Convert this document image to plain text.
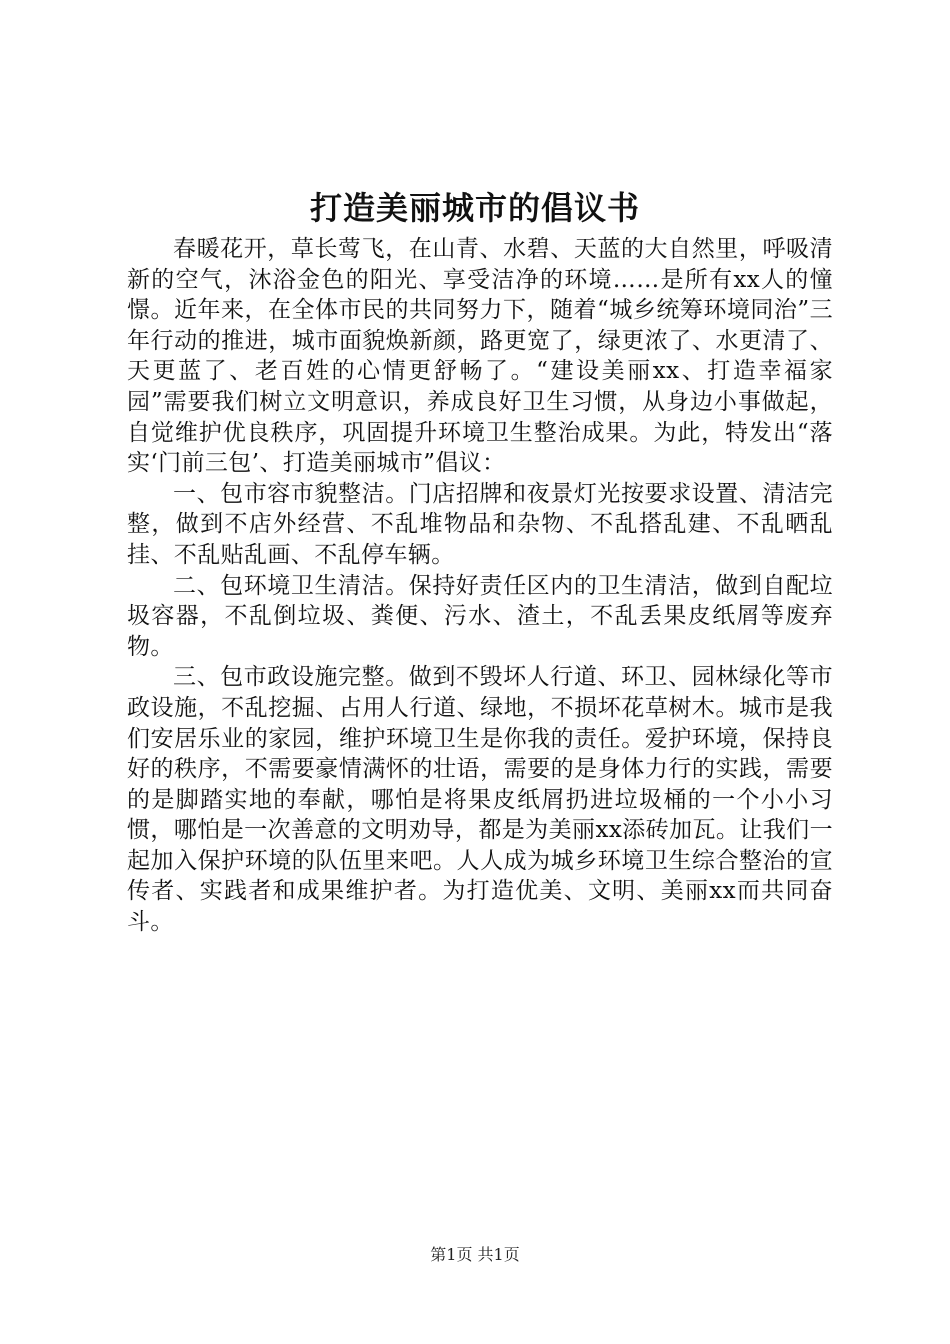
打造美丽城市的倡议书

春暖花开，草长莺飞，在山青、水碧、天蓝的大自然里，呼吸清新的空气，沐浴金色的阳光、享受洁净的环境……是所有xx人的憧憬。近年来，在全体市民的共同努力下，随着“城乡统筹环境同治”三年行动的推进，城市面貌焕新颜，路更宽了，绿更浓了、水更清了、天更蓝了、老百姓的心情更舒畅了。“建设美丽xx、打造幸福家园”需要我们树立文明意识，养成良好卫生习惯，从身边小事做起，自觉维护优良秩序，巩固提升环境卫生整治成果。为此，特发出“落实‘门前三包’、打造美丽城市”倡议：

一、包市容市貌整洁。门店招牌和夜景灯光按要求设置、清洁完整，做到不店外经营、不乱堆物品和杂物、不乱搭乱建、不乱晒乱挂、不乱贴乱画、不乱停车辆。

二、包环境卫生清洁。保持好责任区内的卫生清洁，做到自配垃圾容器，不乱倒垃圾、粪便、污水、渣土，不乱丢果皮纸屑等废弃物。

三、包市政设施完整。做到不毁坏人行道、环卫、园林绿化等市政设施，不乱挖掘、占用人行道、绿地，不损坏花草树木。城市是我们安居乐业的家园，维护环境卫生是你我的责任。爱护环境，保持良好的秩序，不需要豪情满怀的壮语，需要的是身体力行的实践，需要的是脚踏实地的奉献，哪怕是将果皮纸屑扔进垃圾桶的一个小小习惯，哪怕是一次善意的文明劝导，都是为美丽xx添砖加瓦。让我们一起加入保护环境的队伍里来吧。人人成为城乡环境卫生综合整治的宣传者、实践者和成果维护者。为打造优美、文明、美丽xx而共同奋斗。

第1页 共1页
